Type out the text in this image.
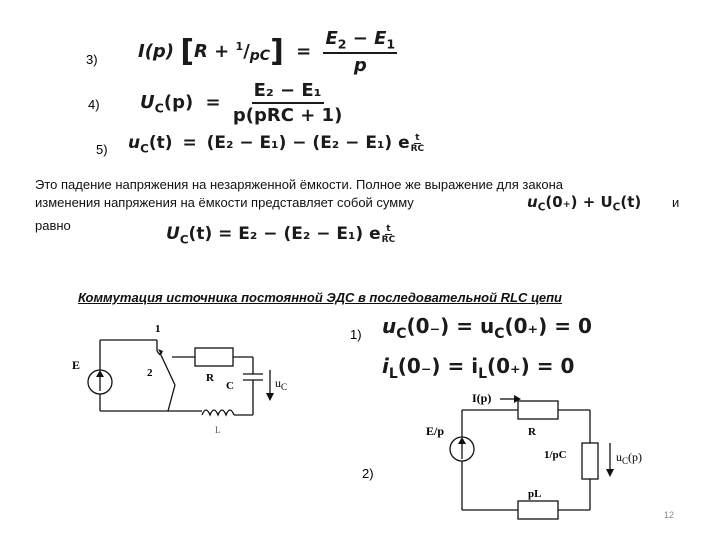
3) I(p) $[R + ^1/pC] = \frac{E_2 - E_1}{p}$
4) $U_C(p) = \frac{\text{E₂ − E₁}}{\text{p(pRC + 1)}}$
5) $u_C(t) = (E_2 - E_1) - (E_2 - E_1)$ e $\frac{t}{RC}$
Это падение напряжения на незаряженной ёмкости. Полное же выражение для закона
изменения напряжения на ёмкости представляет собой сумму	$u_C(0_+) + U_C(t)$ и
равно	$U_C(t) = E_2 - (E_2 - E_1)$ e $\frac{t}{RC}$
Коммутация источника постоянной ЭДС в последовательной RLC цепи
E
1
2	R
C	$u_C$
L
1) $u_C(0_-) = u_C(0_+) = 0$
$i_L(0_-) = i_L(0_+) = 0$
2)
E/p
I(p)
R
1/pC	$u_C(p)$
pL
12
